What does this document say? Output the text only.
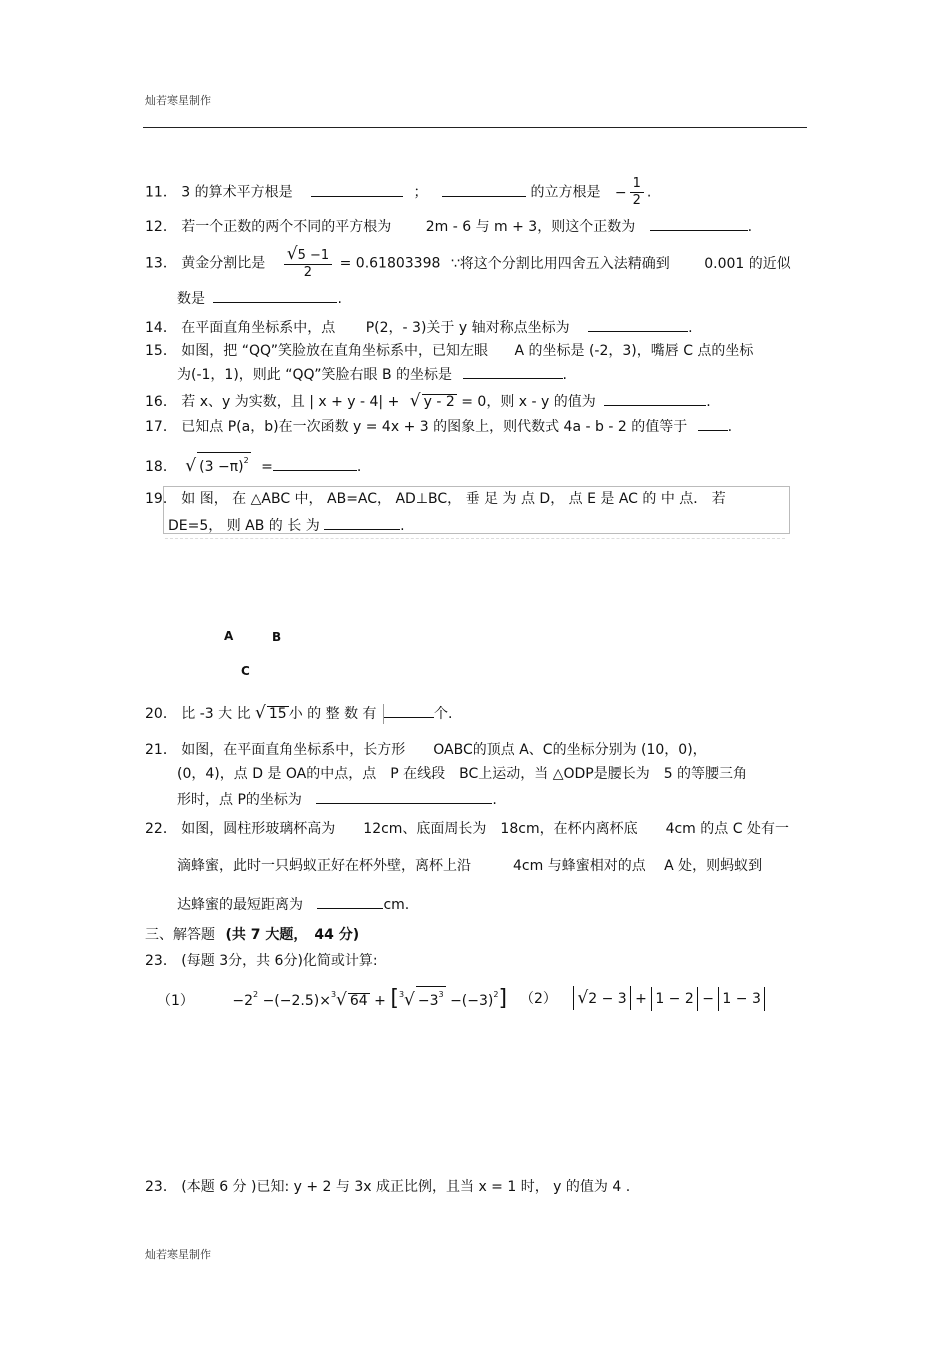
灿若寒星制作
11． 3 的算术平方根是	；	的立方根是 − $\frac{1}{2}$ .
12． 若一个正数的两个不同的平方根为 2m ‑ 6 与 m + 3，则这个正数为	.
13． 黄金分割比是 $\frac{√5 -1}{2} = 0.61803398$ ∵将这个分割比用四舍五入法精确到 0.001 的近似
数是	.
14． 在平面直角坐标系中，点 P(2，‑ 3)关于 y 轴对称点坐标为	.
15． 如图，把 “QQ”笑脸放在直角坐标系中，已知左眼 A 的坐标是 (‑2，3)，嘴唇 C 点的坐标
为(‑1，1)，则此 “QQ”笑脸右眼 B 的坐标是	.
16． 若 x、y 为实数，且 | x + y ‑ 4| + √ y ‑ 2 = 0，则 x ‑ y 的值为	.
17． 已知点 P(a，b)在一次函数 y = 4x + 3 的图象上，则代数式 4a ‑ b ‑ 2 的值等于	.
18． √ $(3 -\pi)^2$ =	.
19． 如 图， 在 △ABC 中， AB=AC， AD⊥BC， 垂 足 为 点 D， 点 E 是 AC 的 中 点． 若
DE=5， 则 AB 的 长 为	.
A	B
C
20． 比 ‑3 大 比 √ 15 小 的 整 数 有	个.
21． 如图，在平面直角坐标系中，长方形　　OABC的顶点 A、C的坐标分别为 (10，0)，
(0，4)，点 D 是 OA的中点，点　P 在线段　BC上运动，当 △ODP是腰长为　5 的等腰三角
形时，点 P的坐标为	.
22． 如图，圆柱形玻璃杯高为　　12cm、底面周长为　18cm，在杯内离杯底　　4cm 的点 C 处有一
滴蜂蜜，此时一只蚂蚁正好在杯外壁，离杯上沿　　　4cm 与蜂蜜相对的点　 A 处，则蚂蚁到
达蜂蜜的最短距离为	cm.
三、解答题 (共 7 大题，　44 分)
23． (每题 3分，共 6分)化简或计算:
（1）	$-2^2 -(-2.5)\times^3√$ $64 + [^3√ -3^3 -(-3)^2]$ （2） √2 − 3 + 1 − 2 − 1 − 3
23． (本题 6 分 )已知: y + 2 与 3x 成正比例，且当 x = 1 时， y 的值为 4 .
灿若寒星制作
